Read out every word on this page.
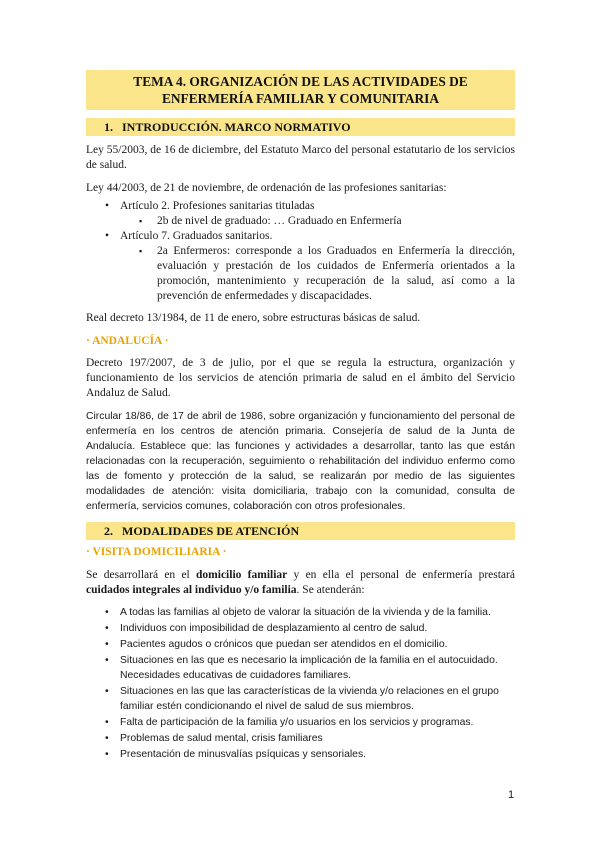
TEMA 4. ORGANIZACIÓN DE LAS ACTIVIDADES DE ENFERMERÍA FAMILIAR Y COMUNITARIA
1. INTRODUCCIÓN. MARCO NORMATIVO

Ley 55/2003, de 16 de diciembre, del Estatuto Marco del personal estatutario de los servicios de salud.

Ley 44/2003, de 21 de noviembre, de ordenación de las profesiones sanitarias:

• Artículo 2. Profesiones sanitarias tituladas
▪ 2b de nivel de graduado: … Graduado en Enfermería
• Artículo 7. Graduados sanitarios.
▪ 2a Enfermeros: corresponde a los Graduados en Enfermería la dirección, evaluación y prestación de los cuidados de Enfermería orientados a la promoción, mantenimiento y recuperación de la salud, así como a la prevención de enfermedades y discapacidades.

Real decreto 13/1984, de 11 de enero, sobre estructuras básicas de salud.

· ANDALUCÍA ·

Decreto 197/2007, de 3 de julio, por el que se regula la estructura, organización y funcionamiento de los servicios de atención primaria de salud en el ámbito del Servicio Andaluz de Salud.

Circular 18/86, de 17 de abril de 1986, sobre organización y funcionamiento del personal de enfermería en los centros de atención primaria. Consejería de salud de la Junta de Andalucía. Establece que: las funciones y actividades a desarrollar, tanto las que están relacionadas con la recuperación, seguimiento o rehabilitación del individuo enfermo como las de fomento y protección de la salud, se realizarán por medio de las siguientes modalidades de atención: visita domiciliaria, trabajo con la comunidad, consulta de enfermería, servicios comunes, colaboración con otros profesionales.

2. MODALIDADES DE ATENCIÓN
· VISITA DOMICILIARIA ·

Se desarrollará en el domicilio familiar y en ella el personal de enfermería prestará cuidados integrales al individuo y/o familia. Se atenderán:

• A todas las familias al objeto de valorar la situación de la vivienda y de la familia.
• Individuos con imposibilidad de desplazamiento al centro de salud.
• Pacientes agudos o crónicos que puedan ser atendidos en el domicilio.
• Situaciones en las que es necesario la implicación de la familia en el autocuidado. Necesidades educativas de cuidadores familiares.
• Situaciones en las que las características de la vivienda y/o relaciones en el grupo familiar estén condicionando el nivel de salud de sus miembros.
• Falta de participación de la familia y/o usuarios en los servicios y programas.
• Problemas de salud mental, crisis familiares
• Presentación de minusvalías psíquicas y sensoriales.
1
